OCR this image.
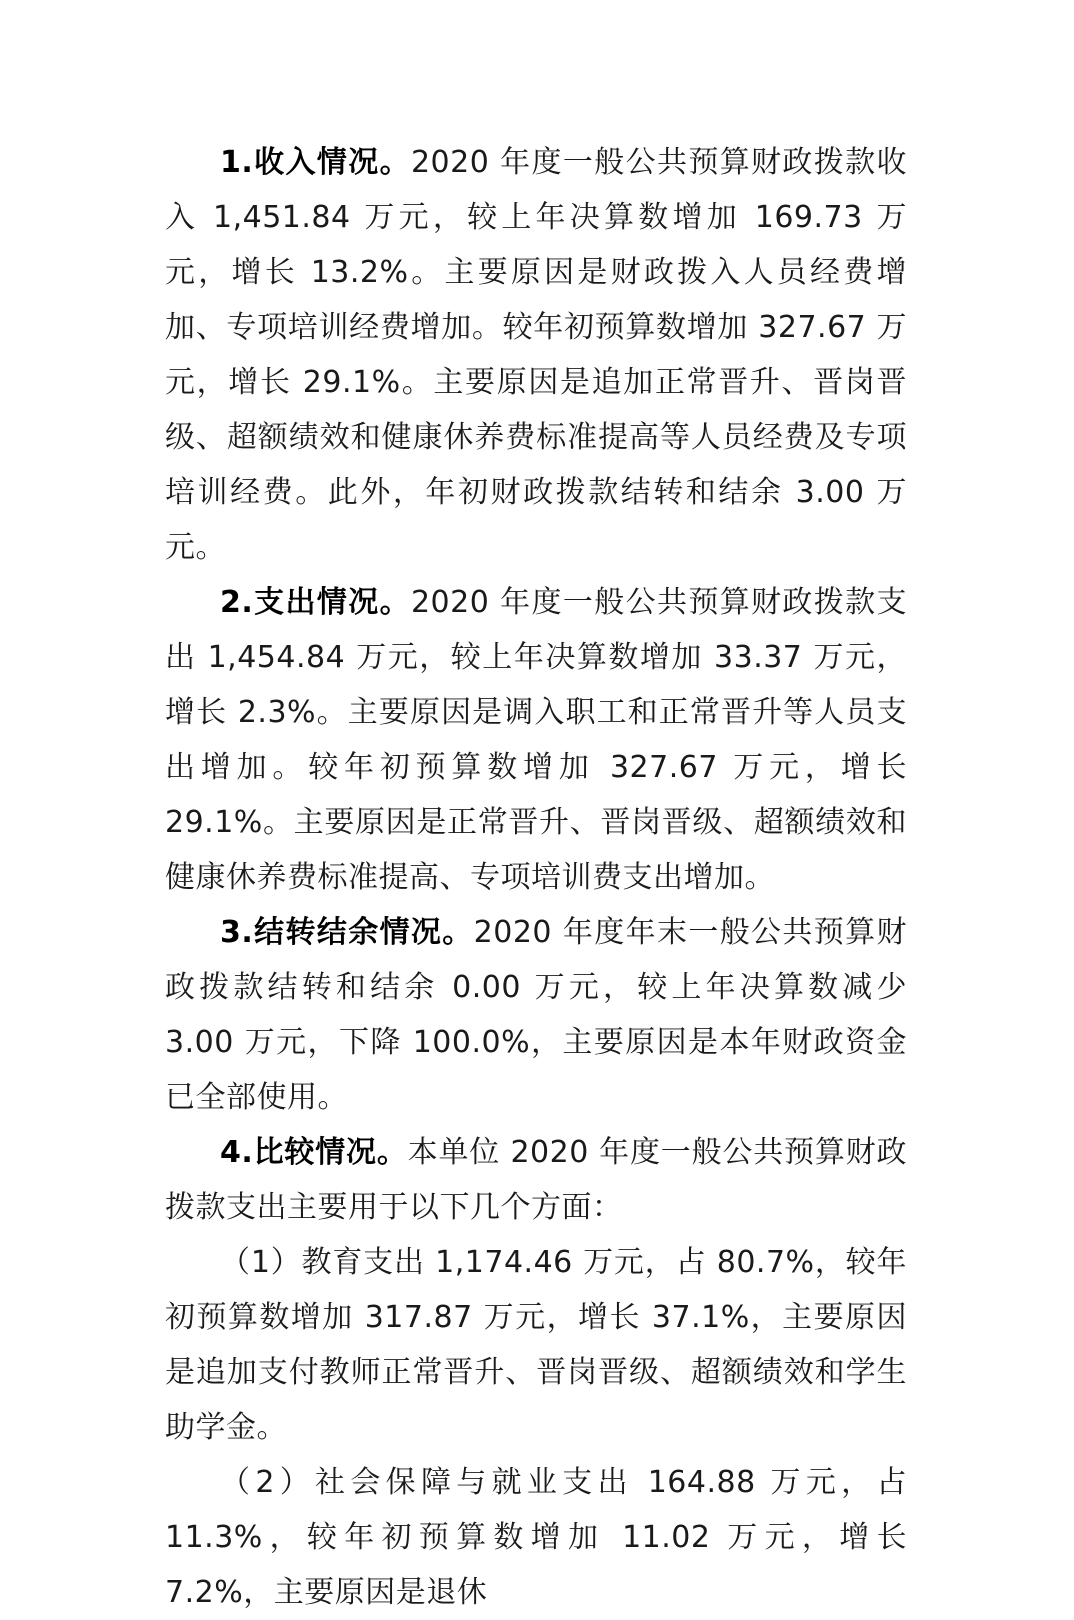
1.收入情况。2020 年度一般公共预算财政拨款收入 1,451.84 万元，较上年决算数增加 169.73 万元，增长 13.2%。主要原因是财政拨入人员经费增加、专项培训经费增加。较年初预算数增加 327.67 万元，增长 29.1%。主要原因是追加正常晋升、晋岗晋级、超额绩效和健康休养费标准提高等人员经费及专项培训经费。此外，年初财政拨款结转和结余 3.00 万元。

2.支出情况。2020 年度一般公共预算财政拨款支出 1,454.84 万元，较上年决算数增加 33.37 万元，增长 2.3%。主要原因是调入职工和正常晋升等人员支出增加。较年初预算数增加 327.67 万元，增长 29.1%。主要原因是正常晋升、晋岗晋级、超额绩效和健康休养费标准提高、专项培训费支出增加。

3.结转结余情况。2020 年度年末一般公共预算财政拨款结转和结余 0.00 万元，较上年决算数减少 3.00 万元，下降 100.0%，主要原因是本年财政资金已全部使用。

4.比较情况。本单位 2020 年度一般公共预算财政拨款支出主要用于以下几个方面：

（1）教育支出 1,174.46 万元，占 80.7%，较年初预算数增加 317.87 万元，增长 37.1%，主要原因是追加支付教师正常晋升、晋岗晋级、超额绩效和学生助学金。

（2）社会保障与就业支出 164.88 万元，占 11.3%，较年初预算数增加 11.02 万元，增长 7.2%，主要原因是退休
